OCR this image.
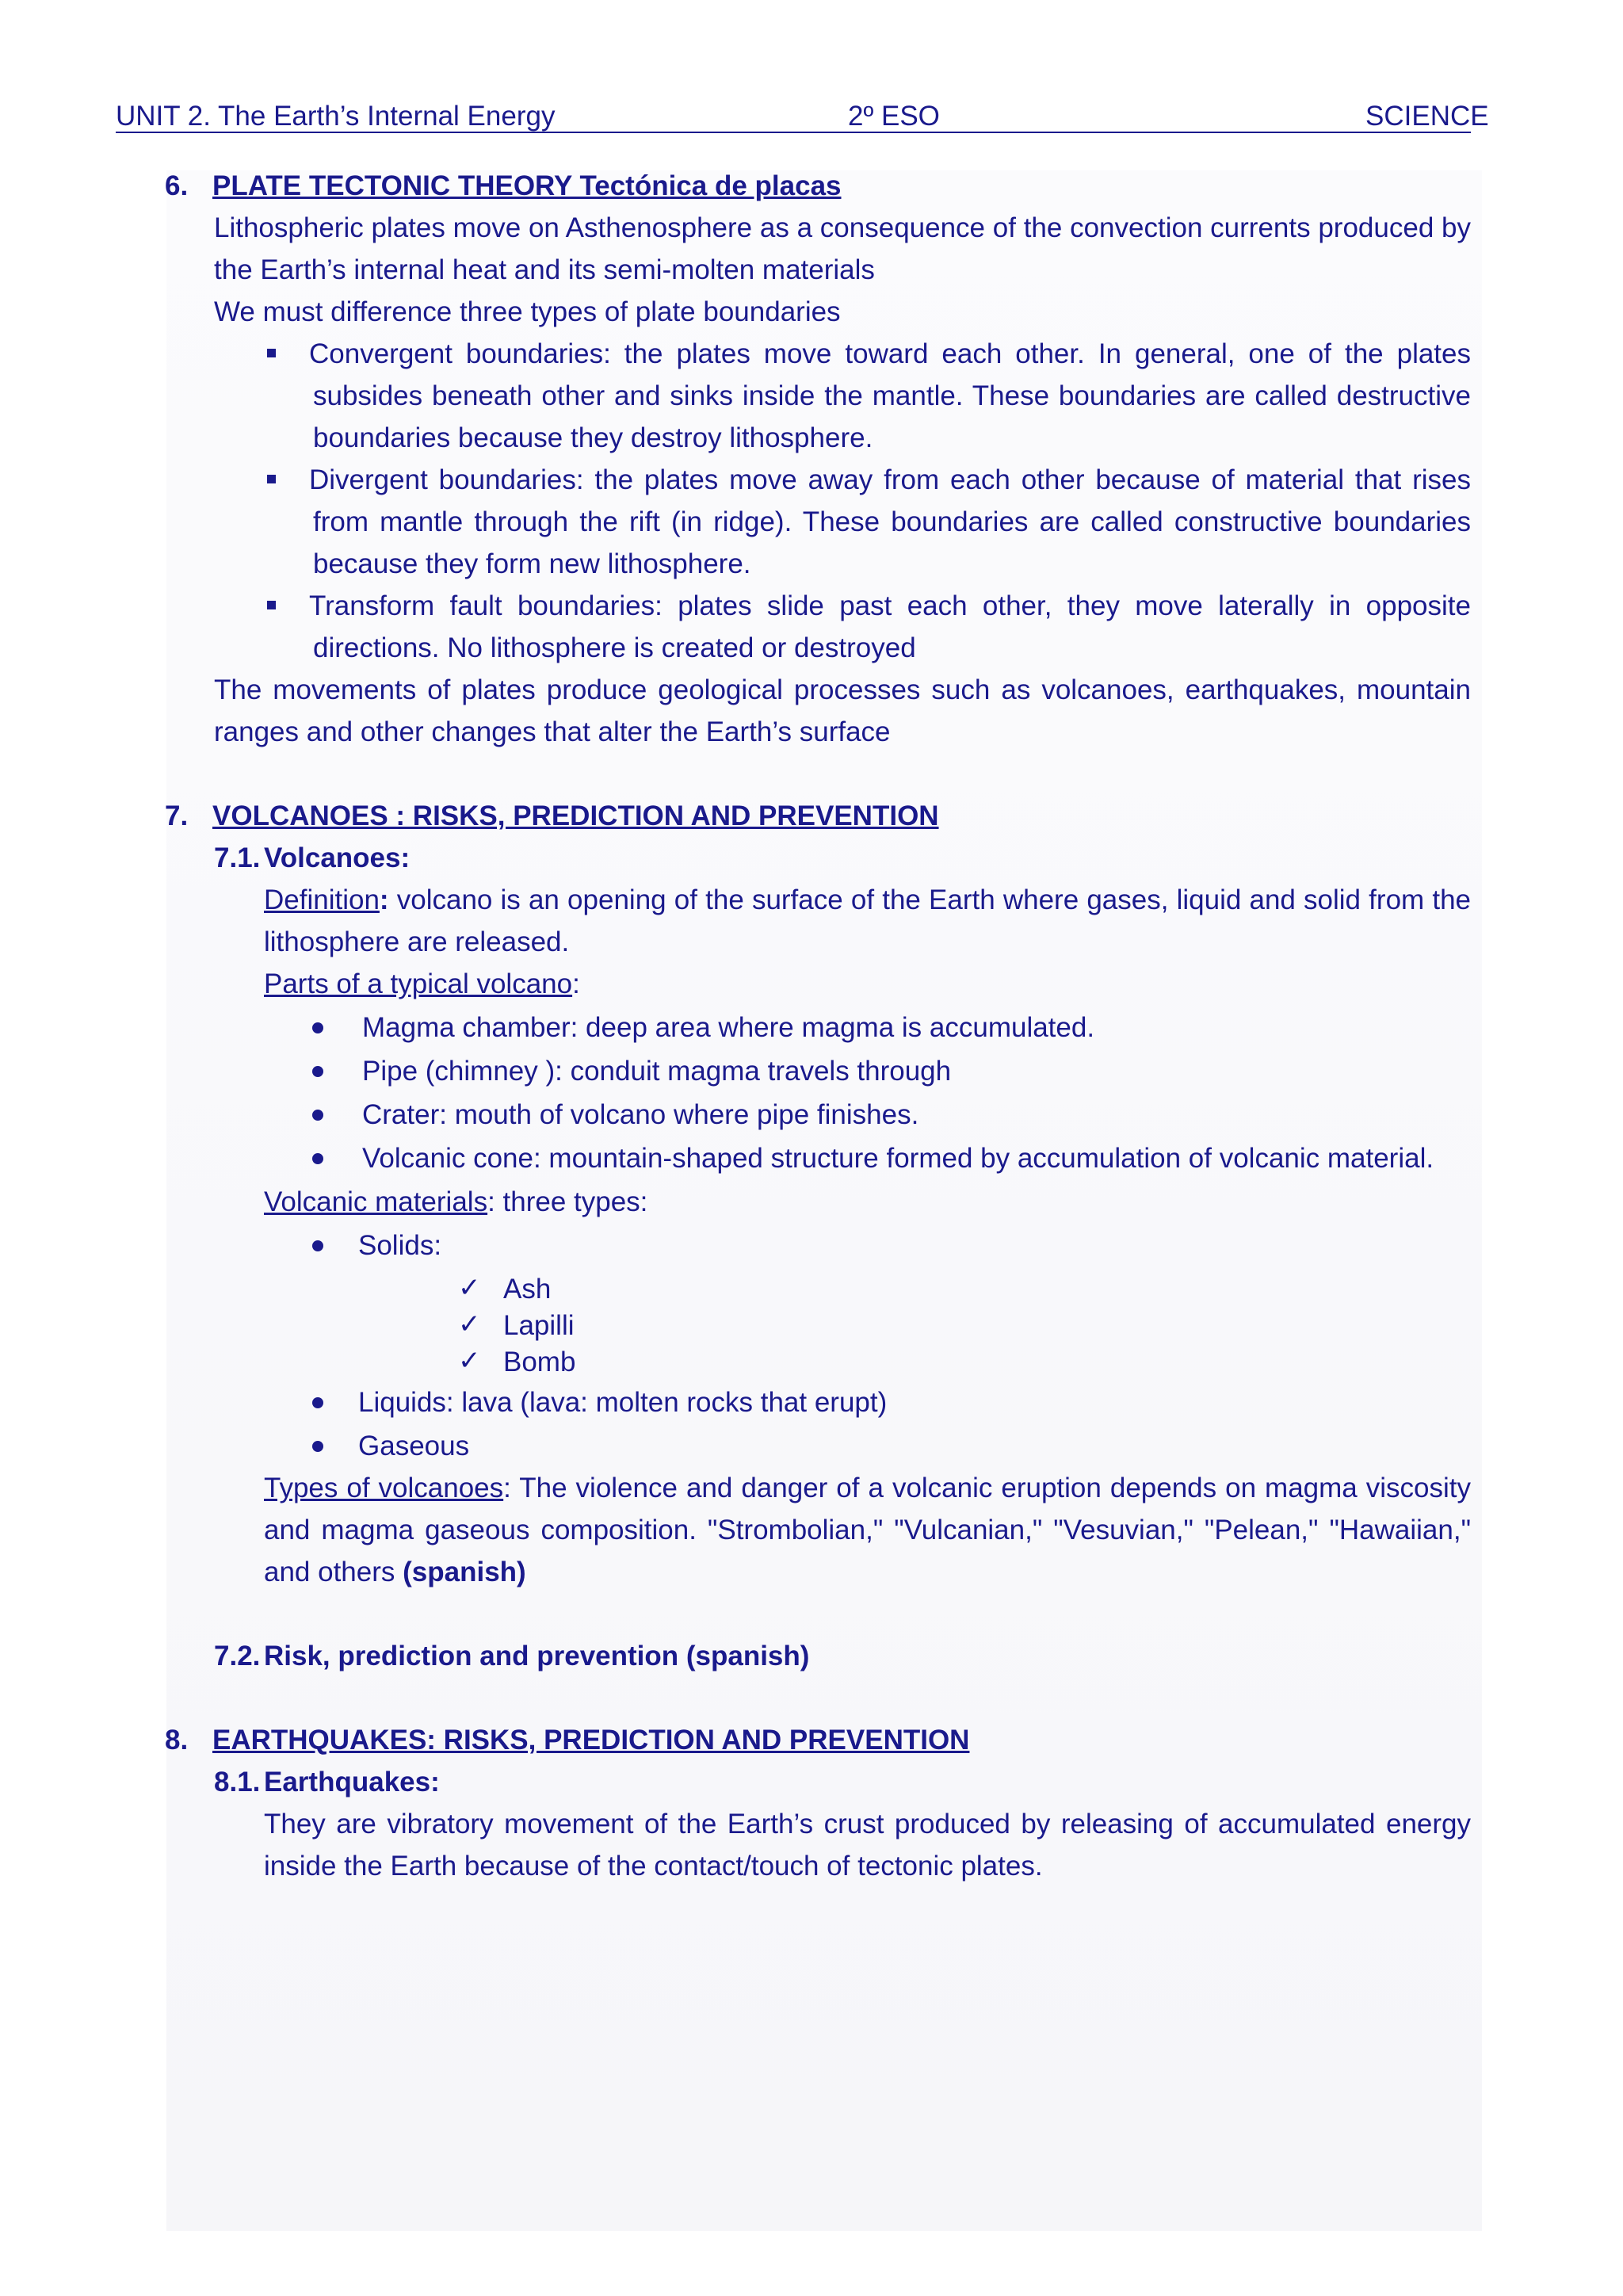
UNIT 2. The Earth’s Internal Energy	2º ESO	SCIENCE
6. PLATE TECTONIC THEORY Tectónica de placas
Lithospheric plates move on Asthenosphere as a consequence of the convection currents produced by
the Earth’s internal heat and its semi-molten materials
We must difference three types of plate boundaries
Convergent boundaries: the plates move toward each other. In general, one of the plates
subsides beneath other and sinks inside the mantle. These boundaries are called destructive
boundaries because they destroy lithosphere.
Divergent boundaries: the plates move away from each other because of material that rises
from mantle through the rift (in ridge). These boundaries are called constructive boundaries
because they form new lithosphere.
Transform fault boundaries: plates slide past each other, they move laterally in opposite
directions. No lithosphere is created or destroyed
The movements of plates produce geological processes such as volcanoes, earthquakes, mountain
ranges and other changes that alter the Earth’s surface
7. VOLCANOES : RISKS, PREDICTION AND PREVENTION
7.1. Volcanoes:
Definition: volcano is an opening of the surface of the Earth where gases, liquid and solid from the
lithosphere are released.
Parts of a typical volcano:
Magma chamber: deep area where magma is accumulated.
Pipe (chimney ): conduit magma travels through
Crater: mouth of volcano where pipe finishes.
Volcanic cone: mountain-shaped structure formed by accumulation of volcanic material.
Volcanic materials: three types:
Solids:
✓ Ash
✓ Lapilli
✓ Bomb
Liquids: lava (lava: molten rocks that erupt)
Gaseous
Types of volcanoes: The violence and danger of a volcanic eruption depends on magma viscosity
and magma gaseous composition. "Strombolian," "Vulcanian," "Vesuvian," "Pelean," "Hawaiian,"
and others (spanish)
7.2. Risk, prediction and prevention (spanish)
8. EARTHQUAKES: RISKS, PREDICTION AND PREVENTION
8.1. Earthquakes:
They are vibratory movement of the Earth’s crust produced by releasing of accumulated energy
inside the Earth because of the contact/touch of tectonic plates.
